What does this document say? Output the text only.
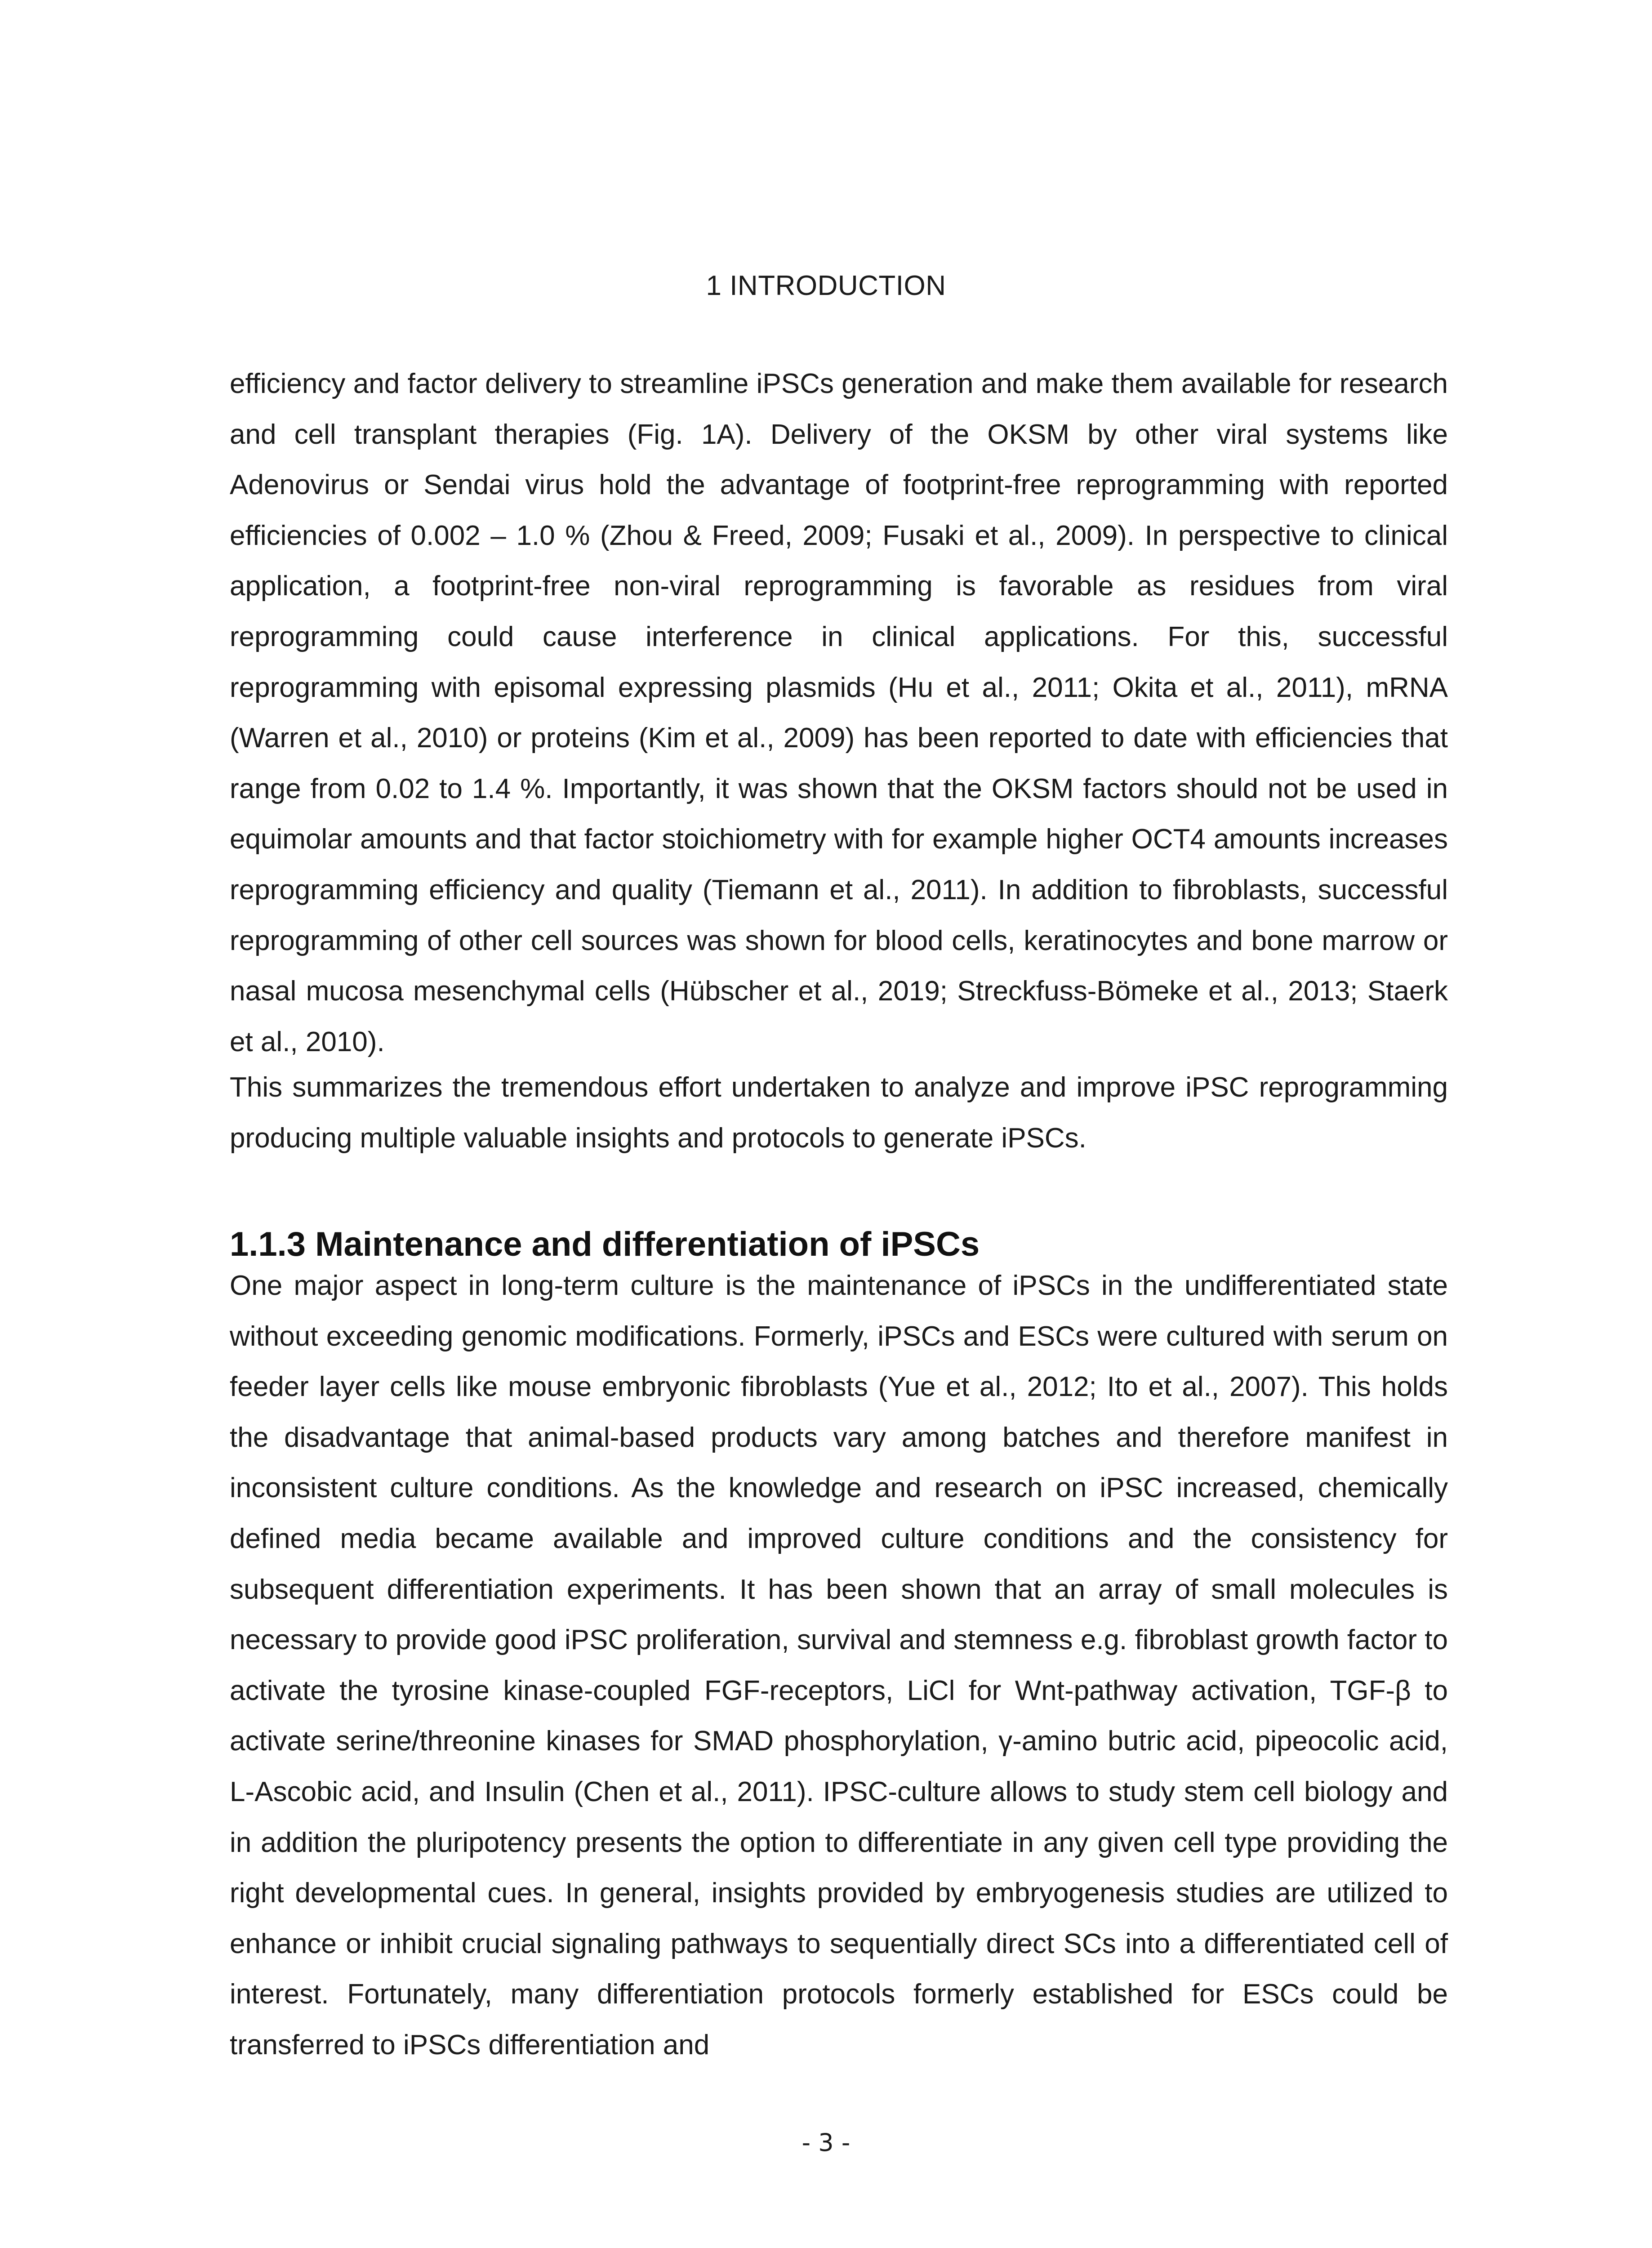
1 INTRODUCTION

efficiency and factor delivery to streamline iPSCs generation and make them available for research and cell transplant therapies (Fig. 1A). Delivery of the OKSM by other viral systems like Adenovirus or Sendai virus hold the advantage of footprint-free reprogramming with reported efficiencies of 0.002 – 1.0 % (Zhou & Freed, 2009; Fusaki et al., 2009). In perspective to clinical application, a footprint-free non-viral reprogramming is favorable as residues from viral reprogramming could cause interference in clinical applications. For this, successful reprogramming with episomal expressing plasmids (Hu et al., 2011; Okita et al., 2011), mRNA (Warren et al., 2010) or proteins (Kim et al., 2009) has been reported to date with efficiencies that range from 0.02 to 1.4 %. Importantly, it was shown that the OKSM factors should not be used in equimolar amounts and that factor stoichiometry with for example higher OCT4 amounts increases reprogramming efficiency and quality (Tiemann et al., 2011). In addition to fibroblasts, successful reprogramming of other cell sources was shown for blood cells, keratinocytes and bone marrow or nasal mucosa mesenchymal cells (Hübscher et al., 2019; Streckfuss-Bömeke et al., 2013; Staerk et al., 2010).

This summarizes the tremendous effort undertaken to analyze and improve iPSC reprogramming producing multiple valuable insights and protocols to generate iPSCs.

1.1.3 Maintenance and differentiation of iPSCs

One major aspect in long-term culture is the maintenance of iPSCs in the undifferentiated state without exceeding genomic modifications. Formerly, iPSCs and ESCs were cultured with serum on feeder layer cells like mouse embryonic fibroblasts (Yue et al., 2012; Ito et al., 2007). This holds the disadvantage that animal-based products vary among batches and therefore manifest in inconsistent culture conditions. As the knowledge and research on iPSC increased, chemically defined media became available and improved culture conditions and the consistency for subsequent differentiation experiments. It has been shown that an array of small molecules is necessary to provide good iPSC proliferation, survival and stemness e.g. fibroblast growth factor to activate the tyrosine kinase-coupled FGF-receptors, LiCl for Wnt-pathway activation, TGF-β to activate serine/threonine kinases for SMAD phosphorylation, γ-amino butric acid, pipeocolic acid, L-Ascobic acid, and Insulin (Chen et al., 2011). IPSC-culture allows to study stem cell biology and in addition the pluripotency presents the option to differentiate in any given cell type providing the right developmental cues. In general, insights provided by embryogenesis studies are utilized to enhance or inhibit crucial signaling pathways to sequentially direct SCs into a differentiated cell of interest. Fortunately, many differentiation protocols formerly established for ESCs could be transferred to iPSCs differentiation and

- 3 -
